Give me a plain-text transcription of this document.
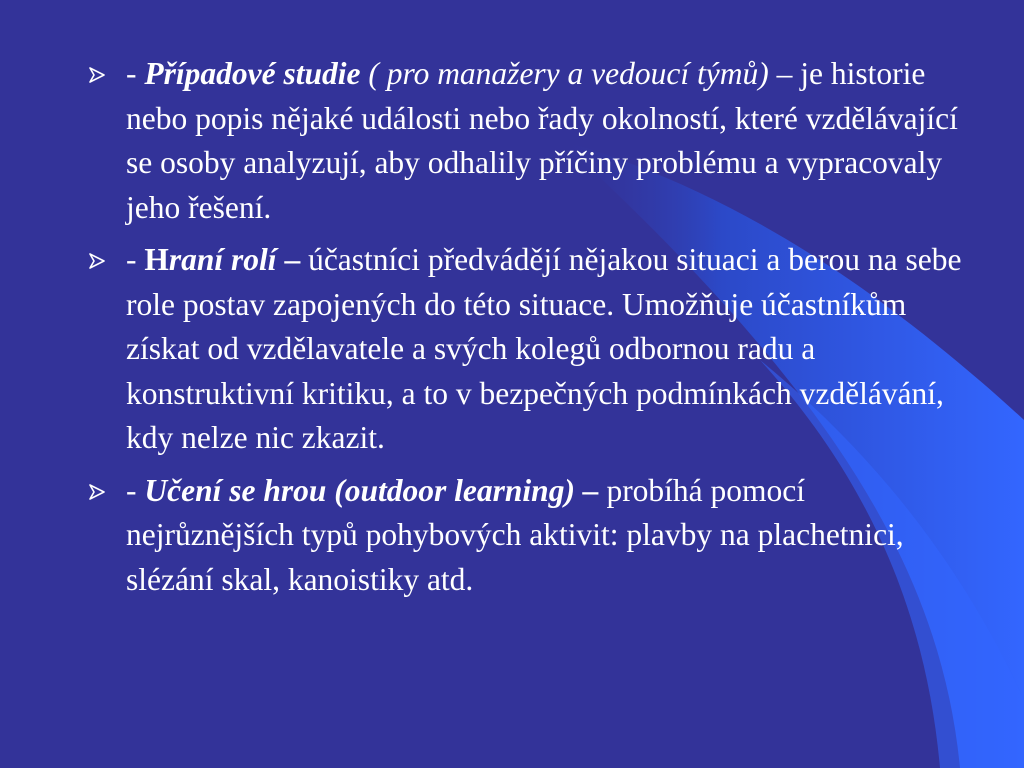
- Případové studie ( pro manažery a vedoucí týmů) – je historie nebo popis nějaké události nebo řady okolností, které vzdělávající se osoby analyzují, aby odhalily příčiny problému a vypracovaly jeho řešení.
- Hraní rolí – účastníci předvádějí nějakou situaci a berou na sebe role postav zapojených do této situace. Umožňuje účastníkům získat od vzdělavatele a svých kolegů odbornou radu a konstruktivní kritiku, a to v bezpečných podmínkách vzdělávání, kdy nelze nic zkazit.
- Učení se hrou (outdoor learning) – probíhá pomocí nejrůznějších typů pohybových aktivit: plavby na plachetnici, slézání skal, kanoistiky atd.
